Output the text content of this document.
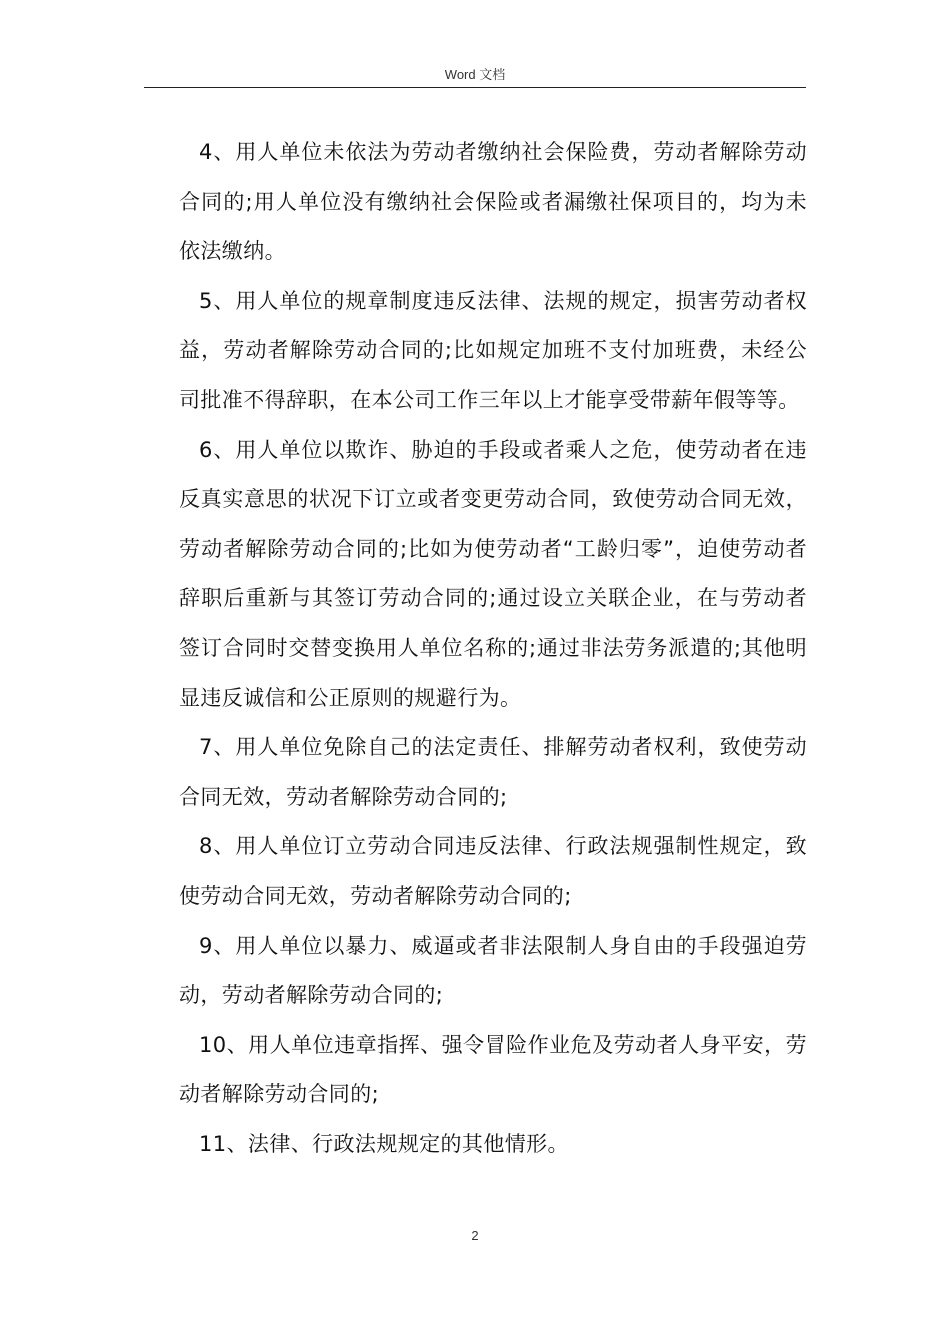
Word 文档

4、用人单位未依法为劳动者缴纳社会保险费，劳动者解除劳动合同的;用人单位没有缴纳社会保险或者漏缴社保项目的，均为未依法缴纳。

5、用人单位的规章制度违反法律、法规的规定，损害劳动者权益，劳动者解除劳动合同的;比如规定加班不支付加班费，未经公司批准不得辞职，在本公司工作三年以上才能享受带薪年假等等。

6、用人单位以欺诈、胁迫的手段或者乘人之危，使劳动者在违反真实意思的状况下订立或者变更劳动合同，致使劳动合同无效，劳动者解除劳动合同的;比如为使劳动者“工龄归零”，迫使劳动者辞职后重新与其签订劳动合同的;通过设立关联企业，在与劳动者签订合同时交替变换用人单位名称的;通过非法劳务派遣的;其他明显违反诚信和公正原则的规避行为。

7、用人单位免除自己的法定责任、排解劳动者权利，致使劳动合同无效，劳动者解除劳动合同的;

8、用人单位订立劳动合同违反法律、行政法规强制性规定，致使劳动合同无效，劳动者解除劳动合同的;

9、用人单位以暴力、威逼或者非法限制人身自由的手段强迫劳动，劳动者解除劳动合同的;

10、用人单位违章指挥、强令冒险作业危及劳动者人身平安，劳动者解除劳动合同的;

11、法律、行政法规规定的其他情形。

2
